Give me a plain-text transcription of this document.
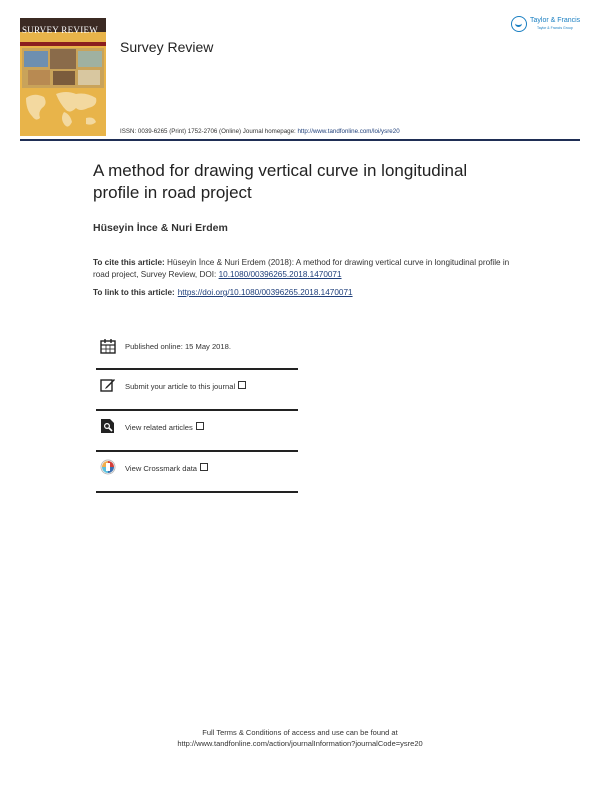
SURVEY REVIEW
Survey Review
Taylor & Francis
Taylor & Francis Group
ISSN: 0039-6265 (Print) 1752-2706 (Online) Journal homepage: http://www.tandfonline.com/loi/ysre20
A method for drawing vertical curve in longitudinal profile in road project
Hüseyin İnce & Nuri Erdem
To cite this article: Hüseyin İnce & Nuri Erdem (2018): A method for drawing vertical curve in longitudinal profile in road project, Survey Review, DOI: 10.1080/00396265.2018.1470071
To link to this article: https://doi.org/10.1080/00396265.2018.1470071
Published online: 15 May 2018.
Submit your article to this journal
View related articles
View Crossmark data
Full Terms & Conditions of access and use can be found at
http://www.tandfonline.com/action/journalInformation?journalCode=ysre20
